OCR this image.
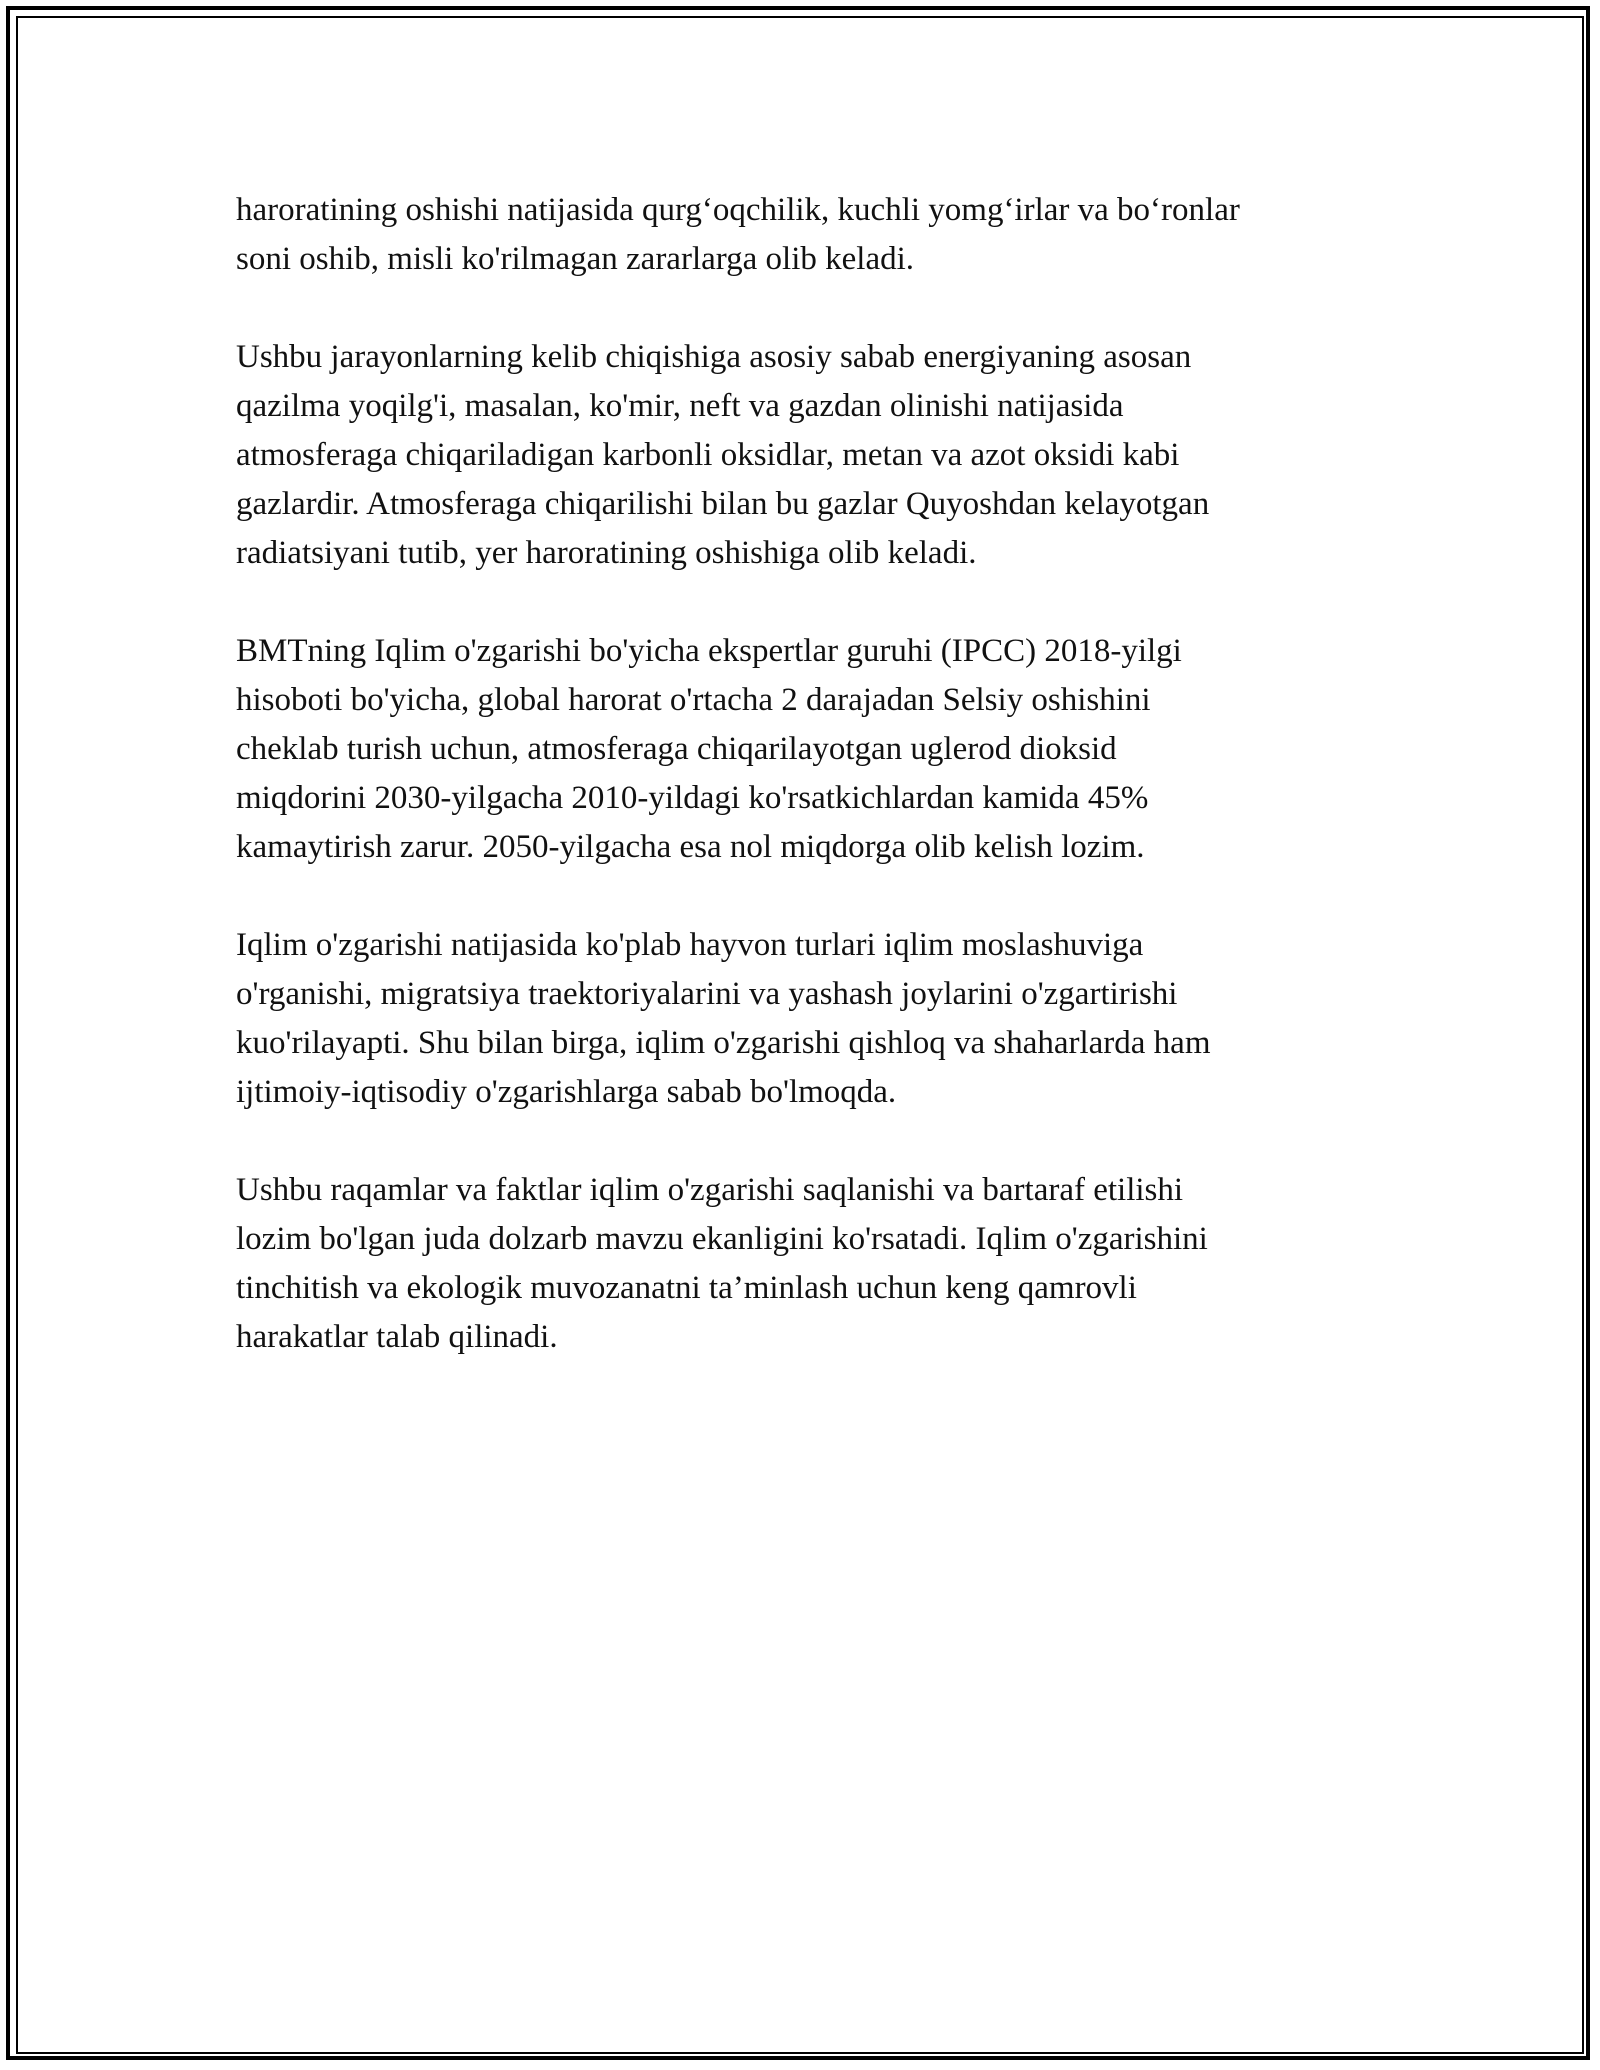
haroratining oshishi natijasida qurg‘oqchilik, kuchli yomg‘irlar va bo‘ronlar
soni oshib, misli ko'rilmagan zararlarga olib keladi.

Ushbu jarayonlarning kelib chiqishiga asosiy sabab energiyaning asosan
qazilma yoqilg'i, masalan, ko'mir, neft va gazdan olinishi natijasida
atmosferaga chiqariladigan karbonli oksidlar, metan va azot oksidi kabi
gazlardir. Atmosferaga chiqarilishi bilan bu gazlar Quyoshdan kelayotgan
radiatsiyani tutib, yer haroratining oshishiga olib keladi.

BMTning Iqlim o'zgarishi bo'yicha ekspertlar guruhi (IPCC) 2018-yilgi
hisoboti bo'yicha, global harorat o'rtacha 2 darajadan Selsiy oshishini
cheklab turish uchun, atmosferaga chiqarilayotgan uglerod dioksid
miqdorini 2030-yilgacha 2010-yildagi ko'rsatkichlardan kamida 45%
kamaytirish zarur. 2050-yilgacha esa nol miqdorga olib kelish lozim.

Iqlim o'zgarishi natijasida ko'plab hayvon turlari iqlim moslashuviga
o'rganishi, migratsiya traektoriyalarini va yashash joylarini o'zgartirishi
kuo'rilayapti. Shu bilan birga, iqlim o'zgarishi qishloq va shaharlarda ham
ijtimoiy-iqtisodiy o'zgarishlarga sabab bo'lmoqda.

Ushbu raqamlar va faktlar iqlim o'zgarishi saqlanishi va bartaraf etilishi
lozim bo'lgan juda dolzarb mavzu ekanligini ko'rsatadi. Iqlim o'zgarishini
tinchitish va ekologik muvozanatni ta’minlash uchun keng qamrovli
harakatlar talab qilinadi.
